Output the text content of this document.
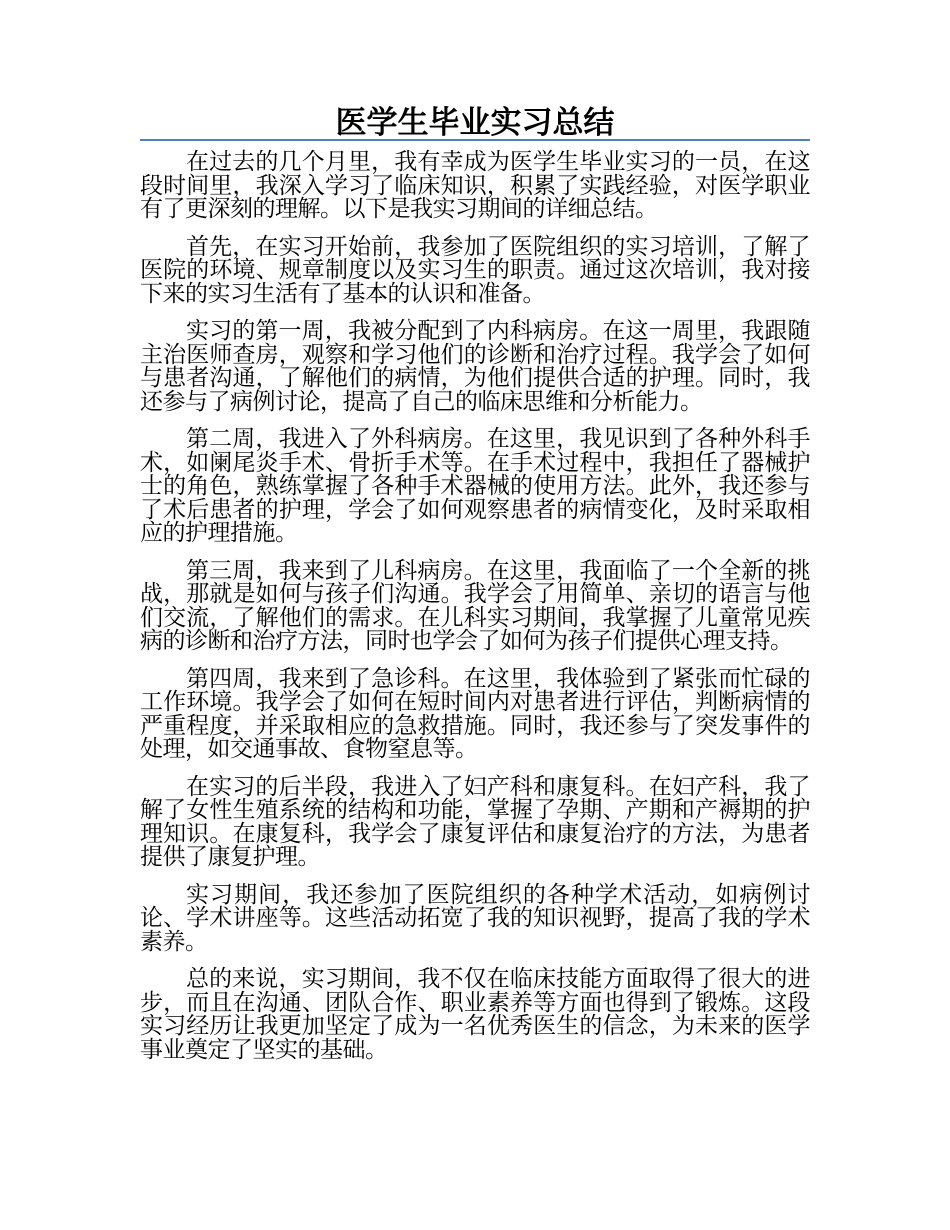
医学生毕业实习总结

在过去的几个月里，我有幸成为医学生毕业实习的一员，在这段时间里，我深入学习了临床知识，积累了实践经验，对医学职业有了更深刻的理解。以下是我实习期间的详细总结。

首先，在实习开始前，我参加了医院组织的实习培训，了解了医院的环境、规章制度以及实习生的职责。通过这次培训，我对接下来的实习生活有了基本的认识和准备。

实习的第一周，我被分配到了内科病房。在这一周里，我跟随主治医师查房，观察和学习他们的诊断和治疗过程。我学会了如何与患者沟通，了解他们的病情，为他们提供合适的护理。同时，我还参与了病例讨论，提高了自己的临床思维和分析能力。

第二周，我进入了外科病房。在这里，我见识到了各种外科手术，如阑尾炎手术、骨折手术等。在手术过程中，我担任了器械护士的角色，熟练掌握了各种手术器械的使用方法。此外，我还参与了术后患者的护理，学会了如何观察患者的病情变化，及时采取相应的护理措施。

第三周，我来到了儿科病房。在这里，我面临了一个全新的挑战，那就是如何与孩子们沟通。我学会了用简单、亲切的语言与他们交流，了解他们的需求。在儿科实习期间，我掌握了儿童常见疾病的诊断和治疗方法，同时也学会了如何为孩子们提供心理支持。

第四周，我来到了急诊科。在这里，我体验到了紧张而忙碌的工作环境。我学会了如何在短时间内对患者进行评估，判断病情的严重程度，并采取相应的急救措施。同时，我还参与了突发事件的处理，如交通事故、食物窒息等。

在实习的后半段，我进入了妇产科和康复科。在妇产科，我了解了女性生殖系统的结构和功能，掌握了孕期、产期和产褥期的护理知识。在康复科，我学会了康复评估和康复治疗的方法，为患者提供了康复护理。

实习期间，我还参加了医院组织的各种学术活动，如病例讨论、学术讲座等。这些活动拓宽了我的知识视野，提高了我的学术素养。

总的来说，实习期间，我不仅在临床技能方面取得了很大的进步，而且在沟通、团队合作、职业素养等方面也得到了锻炼。这段实习经历让我更加坚定了成为一名优秀医生的信念，为未来的医学事业奠定了坚实的基础。
